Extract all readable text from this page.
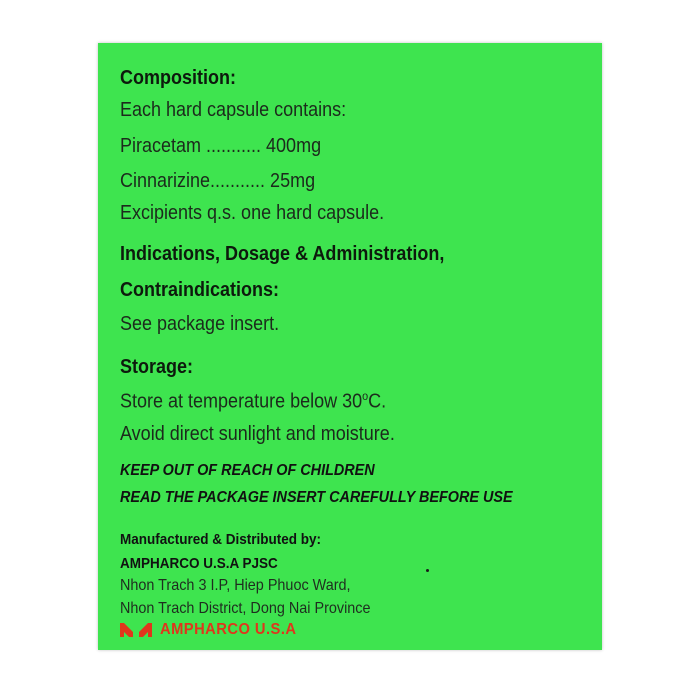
Composition:
Each hard capsule contains:
Piracetam ........... 400mg
Cinnarizine........... 25mg
Excipients q.s. one hard capsule.
Indications, Dosage & Administration,
Contraindications:
See package insert.
Storage:
Store at temperature below 30$^o$C.
Avoid direct sunlight and moisture.
KEEP OUT OF REACH OF CHILDREN
READ THE PACKAGE INSERT CAREFULLY BEFORE USE
Manufactured & Distributed by:
AMPHARCO U.S.A PJSC
Nhon Trach 3 I.P, Hiep Phuoc Ward,
Nhon Trach District, Dong Nai Province
AMPHARCO U.S.A
